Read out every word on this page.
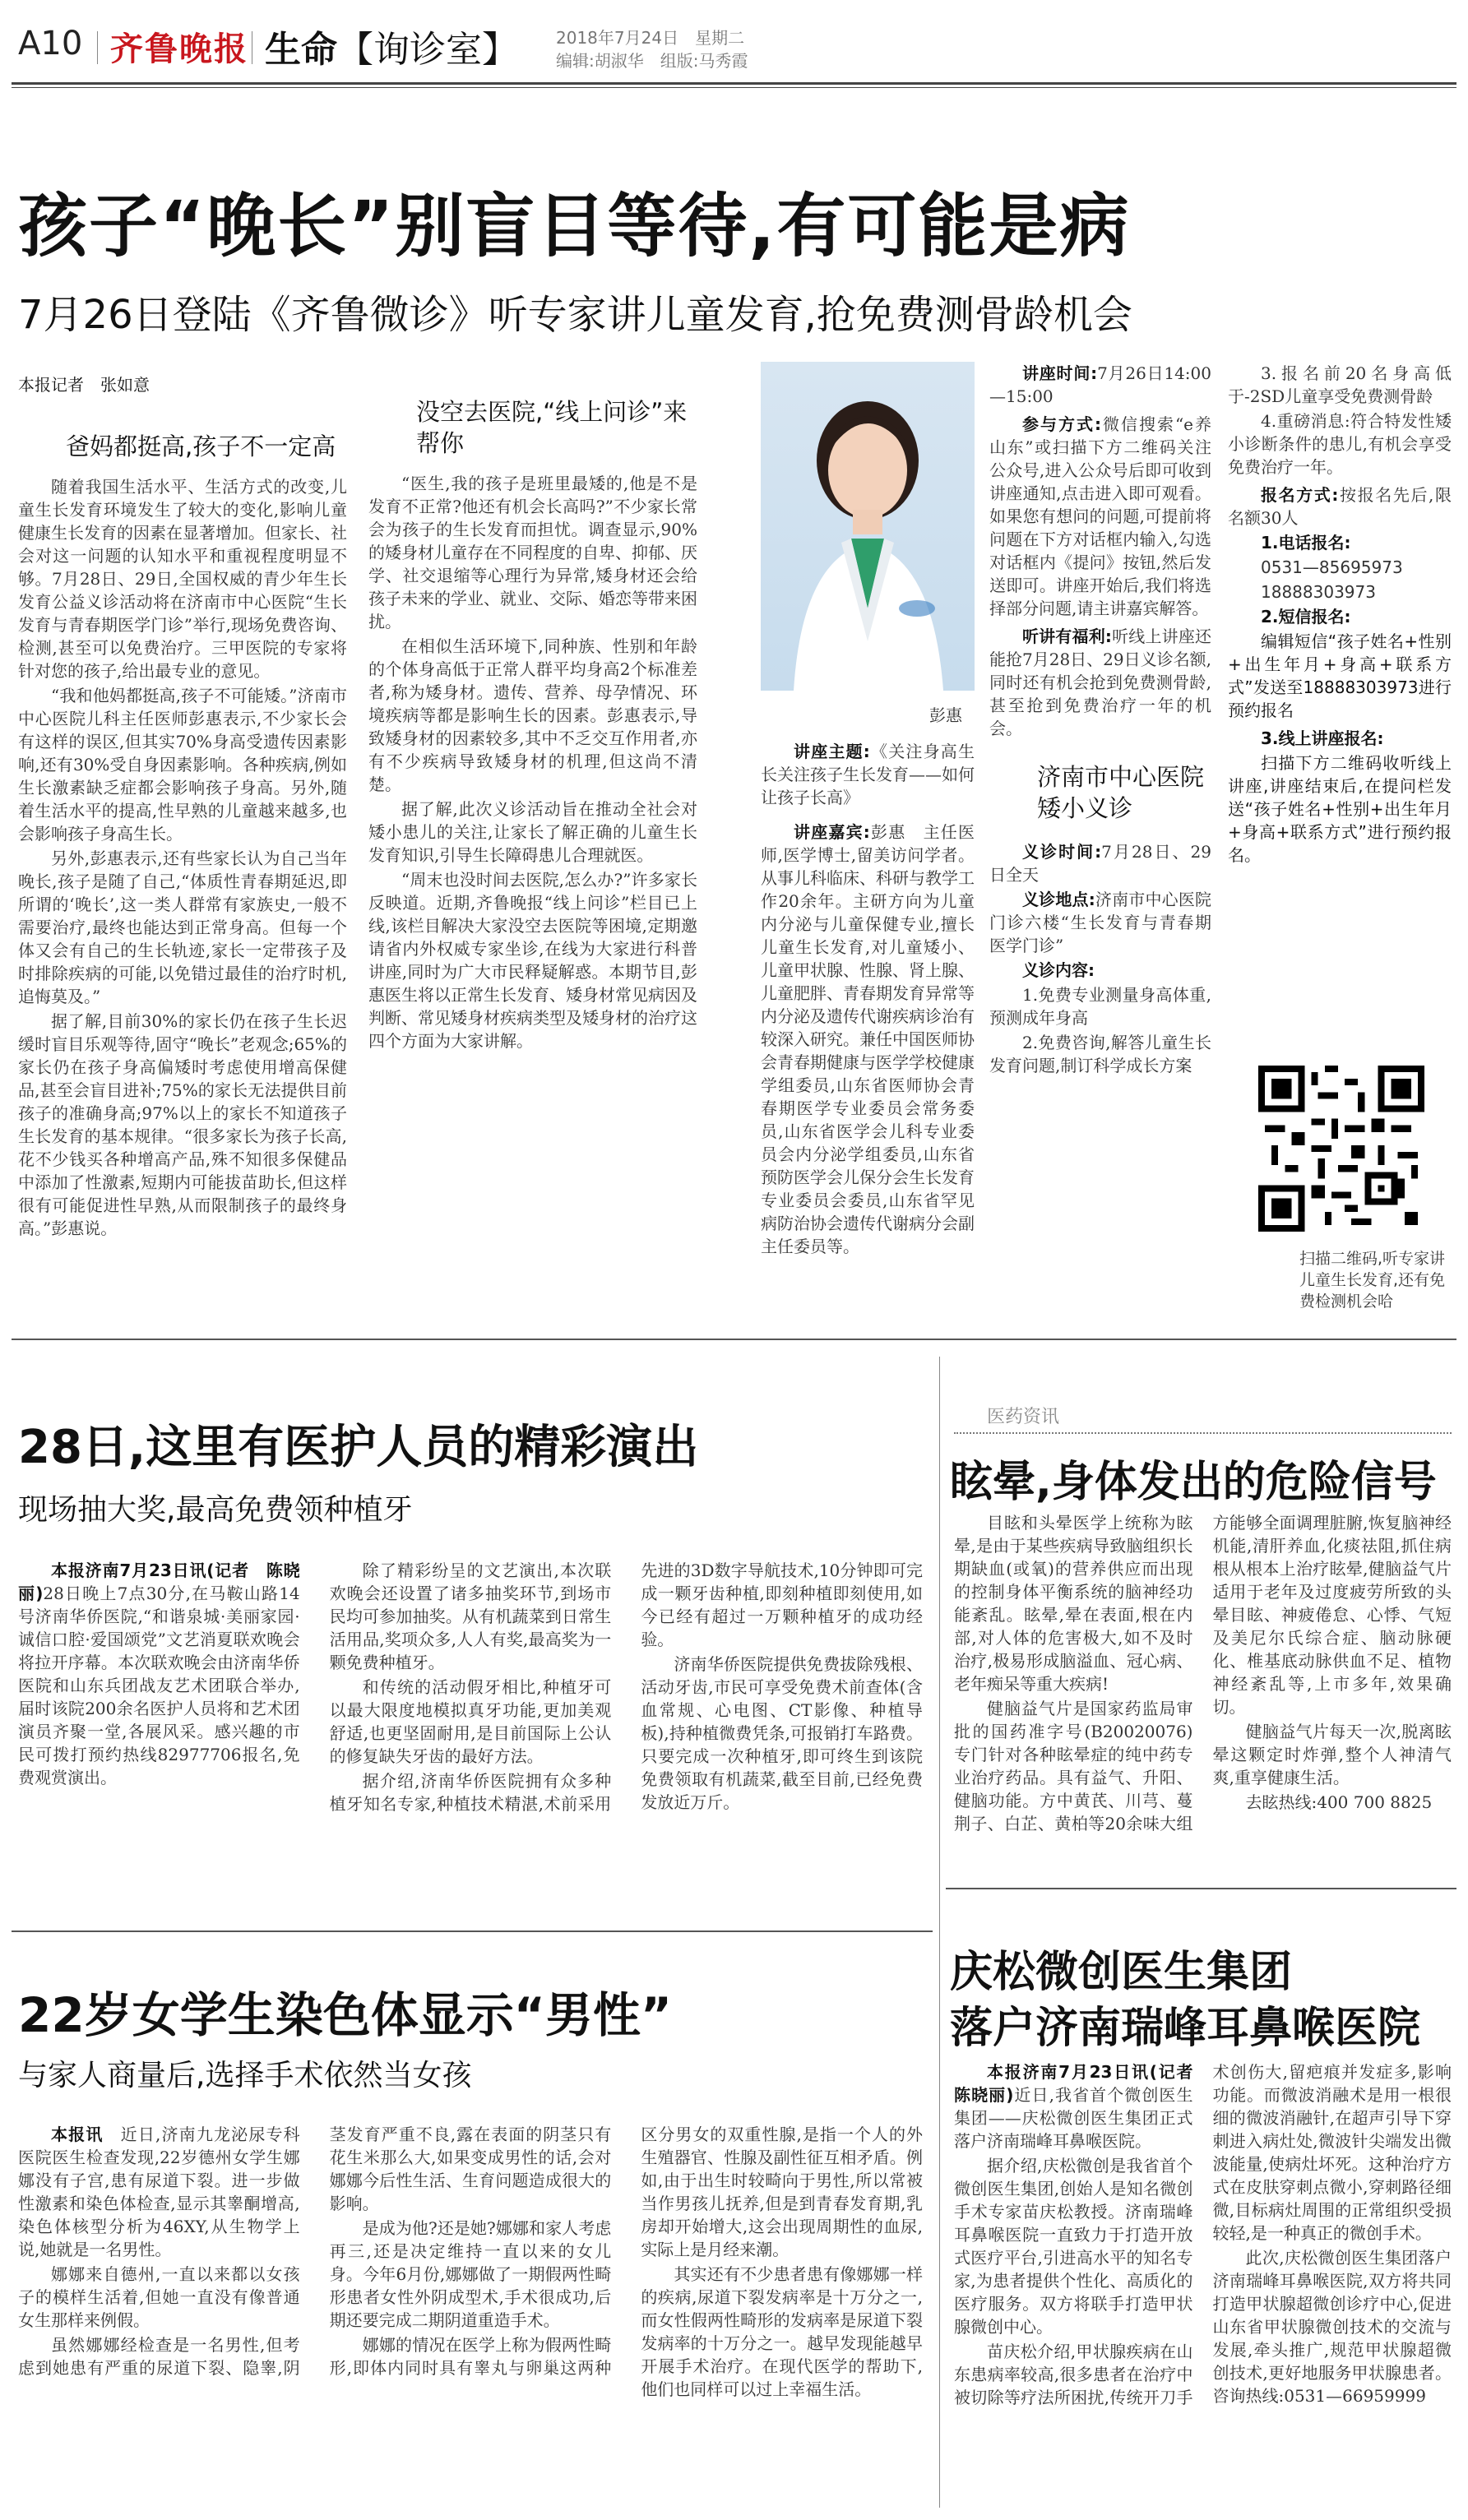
A10 齐鲁晚报 生命【询诊室】 2018年7月24日　星期二
编辑:胡淑华　组版:马秀霞
孩子“晚长”别盲目等待,有可能是病
7月26日登陆《齐鲁微诊》听专家讲儿童发育,抢免费测骨龄机会
本报记者　张如意
爸妈都挺高,孩子不一定高

随着我国生活水平、生活方式的改变,儿童生长发育环境发生了较大的变化,影响儿童健康生长发育的因素在显著增加。但家长、社会对这一问题的认知水平和重视程度明显不够。7月28日、29日,全国权威的青少年生长发育公益义诊活动将在济南市中心医院“生长发育与青春期医学门诊”举行,现场免费咨询、检测,甚至可以免费治疗。三甲医院的专家将针对您的孩子,给出最专业的意见。

“我和他妈都挺高,孩子不可能矮。”济南市中心医院儿科主任医师彭惠表示,不少家长会有这样的误区,但其实70%身高受遗传因素影响,还有30%受自身因素影响。各种疾病,例如生长激素缺乏症都会影响孩子身高。另外,随着生活水平的提高,性早熟的儿童越来越多,也会影响孩子身高生长。

另外,彭惠表示,还有些家长认为自己当年晚长,孩子是随了自己,“体质性青春期延迟,即所谓的‘晚长’,这一类人群常有家族史,一般不需要治疗,最终也能达到正常身高。但每一个体又会有自己的生长轨迹,家长一定带孩子及时排除疾病的可能,以免错过最佳的治疗时机,追悔莫及。”

据了解,目前30%的家长仍在孩子生长迟缓时盲目乐观等待,固守“晚长”老观念;65%的家长仍在孩子身高偏矮时考虑使用增高保健品,甚至会盲目进补;75%的家长无法提供目前孩子的准确身高;97%以上的家长不知道孩子生长发育的基本规律。“很多家长为孩子长高,花不少钱买各种增高产品,殊不知很多保健品中添加了性激素,短期内可能拔苗助长,但这样很有可能促进性早熟,从而限制孩子的最终身高。”彭惠说。

没空去医院,“线上问诊”来帮你

“医生,我的孩子是班里最矮的,他是不是发育不正常?他还有机会长高吗?”不少家长常会为孩子的生长发育而担忧。调查显示,90%的矮身材儿童存在不同程度的自卑、抑郁、厌学、社交退缩等心理行为异常,矮身材还会给孩子未来的学业、就业、交际、婚恋等带来困扰。

在相似生活环境下,同种族、性别和年龄的个体身高低于正常人群平均身高2个标准差者,称为矮身材。遗传、营养、母孕情况、环境疾病等都是影响生长的因素。彭惠表示,导致矮身材的因素较多,其中不乏交互作用者,亦有不少疾病导致矮身材的机理,但这尚不清楚。

据了解,此次义诊活动旨在推动全社会对矮小患儿的关注,让家长了解正确的儿童生长发育知识,引导生长障碍患儿合理就医。

“周末也没时间去医院,怎么办?”许多家长反映道。近期,齐鲁晚报“线上问诊”栏目已上线,该栏目解决大家没空去医院等困境,定期邀请省内外权威专家坐诊,在线为大家进行科普讲座,同时为广大市民释疑解惑。本期节目,彭惠医生将以正常生长发育、矮身材常见病因及判断、常见矮身材疾病类型及矮身材的治疗这四个方面为大家讲解。

彭惠

讲座主题:《关注身高生长关注孩子生长发育——如何让孩子长高》

讲座嘉宾:彭惠　主任医师,医学博士,留美访问学者。从事儿科临床、科研与教学工作20余年。主研方向为儿童内分泌与儿童保健专业,擅长儿童生长发育,对儿童矮小、儿童甲状腺、性腺、肾上腺、儿童肥胖、青春期发育异常等内分泌及遗传代谢疾病诊治有较深入研究。兼任中国医师协会青春期健康与医学学校健康学组委员,山东省医师协会青春期医学专业委员会常务委员,山东省医学会儿科专业委员会内分泌学组委员,山东省预防医学会儿保分会生长发育专业委员会委员,山东省罕见病防治协会遗传代谢病分会副主任委员等。

讲座时间:7月26日14:00—15:00

参与方式:微信搜索“e养山东”或扫描下方二维码关注公众号,进入公众号后即可收到讲座通知,点击进入即可观看。如果您有想问的问题,可提前将问题在下方对话框内输入,勾选对话框内《提问》按钮,然后发送即可。讲座开始后,我们将选择部分问题,请主讲嘉宾解答。

听讲有福利:听线上讲座还能抢7月28日、29日义诊名额,同时还有机会抢到免费测骨龄,甚至抢到免费治疗一年的机会。

济南市中心医院矮小义诊

义诊时间:7月28日、29日全天

义诊地点:济南市中心医院门诊六楼“生长发育与青春期医学门诊”

义诊内容:

1.免费专业测量身高体重,预测成年身高

2.免费咨询,解答儿童生长发育问题,制订科学成长方案

3.报名前20名身高低于-2SD儿童享受免费测骨龄

4.重磅消息:符合特发性矮小诊断条件的患儿,有机会享受免费治疗一年。

报名方式:按报名先后,限名额30人

1.电话报名:

0531—85695973

18888303973

2.短信报名:

编辑短信“孩子姓名+性别+出生年月+身高+联系方式”发送至18888303973进行预约报名

3.线上讲座报名:

扫描下方二维码收听线上讲座,讲座结束后,在提问栏发送“孩子姓名+性别+出生年月+身高+联系方式”进行预约报名。

扫描二维码,听专家讲儿童生长发育,还有免费检测机会哈
28日,这里有医护人员的精彩演出
现场抽大奖,最高免费领种植牙

本报济南7月23日讯(记者　陈晓丽)28日晚上7点30分,在马鞍山路14号济南华侨医院,“和谐泉城·美丽家园·诚信口腔·爱国颂党”文艺消夏联欢晚会将拉开序幕。本次联欢晚会由济南华侨医院和山东兵团战友艺术团联合举办,届时该院200余名医护人员将和艺术团演员齐聚一堂,各展风采。感兴趣的市民可拨打预约热线82977706报名,免费观赏演出。

除了精彩纷呈的文艺演出,本次联欢晚会还设置了诸多抽奖环节,到场市民均可参加抽奖。从有机蔬菜到日常生活用品,奖项众多,人人有奖,最高奖为一颗免费种植牙。

和传统的活动假牙相比,种植牙可以最大限度地模拟真牙功能,更加美观舒适,也更坚固耐用,是目前国际上公认的修复缺失牙齿的最好方法。

据介绍,济南华侨医院拥有众多种植牙知名专家,种植技术精湛,术前采用先进的3D数字导航技术,10分钟即可完成一颗牙齿种植,即刻种植即刻使用,如今已经有超过一万颗种植牙的成功经验。

济南华侨医院提供免费拔除残根、活动牙齿,市民可享受免费术前查体(含血常规、心电图、CT影像、种植导板),持种植微费凭条,可报销打车路费。只要完成一次种植牙,即可终生到该院免费领取有机蔬菜,截至目前,已经免费发放近万斤。

医药资讯
眩晕,身体发出的危险信号

目眩和头晕医学上统称为眩晕,是由于某些疾病导致脑组织长期缺血(或氧)的营养供应而出现的控制身体平衡系统的脑神经功能紊乱。眩晕,晕在表面,根在内部,对人体的危害极大,如不及时治疗,极易形成脑溢血、冠心病、老年痴呆等重大疾病!

健脑益气片是国家药监局审批的国药准字号(B20020076)专门针对各种眩晕症的纯中药专业治疗药品。具有益气、升阳、健脑功能。方中黄芪、川芎、蔓荆子、白芷、黄柏等20余味大组方能够全面调理脏腑,恢复脑神经机能,清肝养血,化痰祛阻,抓住病根从根本上治疗眩晕,健脑益气片适用于老年及过度疲劳所致的头晕目眩、神疲倦怠、心悸、气短及美尼尔氏综合症、脑动脉硬化、椎基底动脉供血不足、植物神经紊乱等,上市多年,效果确切。

健脑益气片每天一次,脱离眩晕这颗定时炸弹,整个人神清气爽,重享健康生活。

去眩热线:400 700 8825

22岁女学生染色体显示“男性”
与家人商量后,选择手术依然当女孩

本报讯　 近日,济南九龙泌尿专科医院医生检查发现,22岁德州女学生娜娜没有子宫,患有尿道下裂。进一步做性激素和染色体检查,显示其睾酮增高,染色体核型分析为46XY,从生物学上说,她就是一名男性。

娜娜来自德州,一直以来都以女孩子的模样生活着,但她一直没有像普通女生那样来例假。

虽然娜娜经检查是一名男性,但考虑到她患有严重的尿道下裂、隐睾,阴茎发育严重不良,露在表面的阴茎只有花生米那么大,如果变成男性的话,会对娜娜今后性生活、生育问题造成很大的影响。

是成为他?还是她?娜娜和家人考虑再三,还是决定维持一直以来的女儿身。今年6月份,娜娜做了一期假两性畸形患者女性外阴成型术,手术很成功,后期还要完成二期阴道重造手术。

娜娜的情况在医学上称为假两性畸形,即体内同时具有睾丸与卵巢这两种区分男女的双重性腺,是指一个人的外生殖器官、性腺及副性征互相矛盾。例如,由于出生时较畸向于男性,所以常被当作男孩儿抚养,但是到青春发育期,乳房却开始增大,这会出现周期性的血尿,实际上是月经来潮。

其实还有不少患者患有像娜娜一样的疾病,尿道下裂发病率是十万分之一,而女性假两性畸形的发病率是尿道下裂发病率的十万分之一。越早发现能越早开展手术治疗。在现代医学的帮助下,他们也同样可以过上幸福生活。

庆松微创医生集团
落户济南瑞峰耳鼻喉医院

本报济南7月23日讯(记者　陈晓丽)近日,我省首个微创医生集团——庆松微创医生集团正式落户济南瑞峰耳鼻喉医院。

据介绍,庆松微创是我省首个微创医生集团,创始人是知名微创手术专家苗庆松教授。济南瑞峰耳鼻喉医院一直致力于打造开放式医疗平台,引进高水平的知名专家,为患者提供个性化、高质化的医疗服务。双方将联手打造甲状腺微创中心。

苗庆松介绍,甲状腺疾病在山东患病率较高,很多患者在治疗中被切除等疗法所困扰,传统开刀手术创伤大,留疤痕并发症多,影响功能。而微波消融术是用一根很细的微波消融针,在超声引导下穿刺进入病灶处,微波针尖端发出微波能量,使病灶坏死。这种治疗方式在皮肤穿刺点微小,穿刺路径细微,目标病灶周围的正常组织受损较轻,是一种真正的微创手术。

此次,庆松微创医生集团落户济南瑞峰耳鼻喉医院,双方将共同打造甲状腺超微创诊疗中心,促进山东省甲状腺微创技术的交流与发展,牵头推广,规范甲状腺超微创技术,更好地服务甲状腺患者。咨询热线:0531—66959999
